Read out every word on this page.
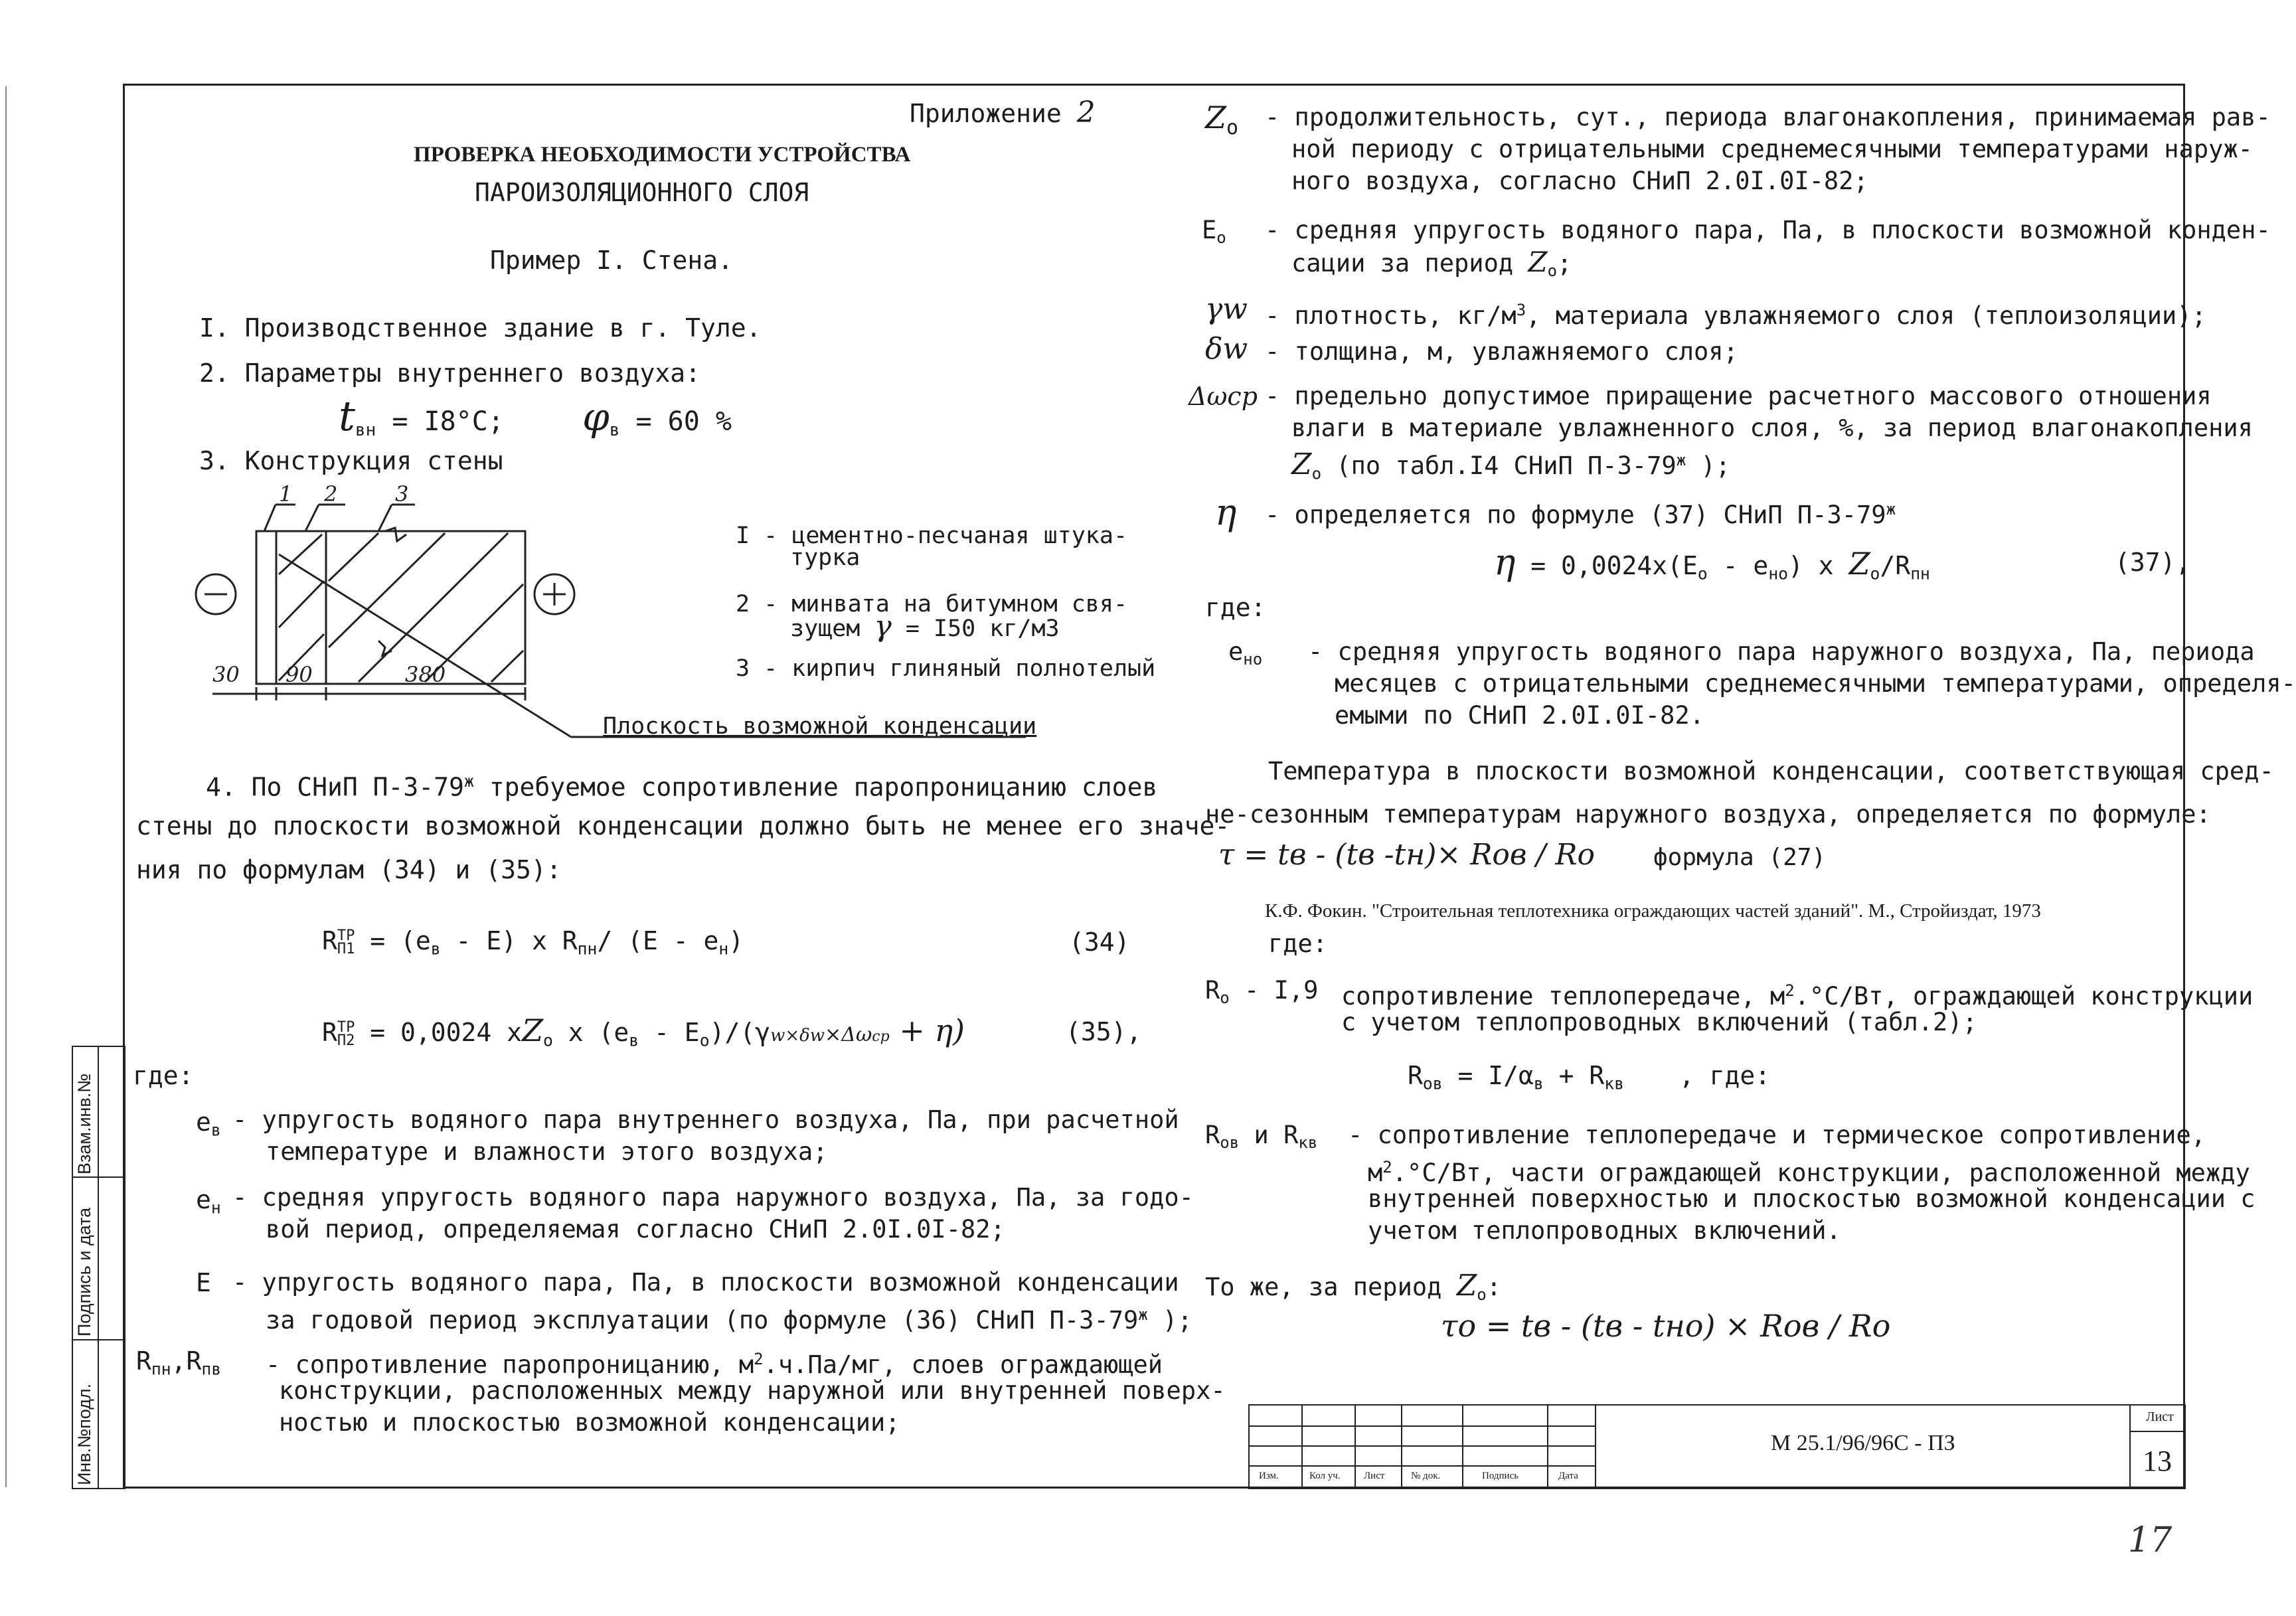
Инв.№подл.
Подпись и дата
Взам.инв.№
Приложение 2
ПРОВЕРКА НЕОБХОДИМОСТИ УСТРОЙСТВА
ПАРОИЗОЛЯЦИОННОГО СЛОЯ
Пример I. Стена.
I. Производственное здание в г. Туле.
2. Параметры внутреннего воздуха:
$t_{вн} = I8^\circ С$; $\varphi_в = 60$ %
3. Конструкция стены
1 2	3
30 90	380
I - цементно-песчаная штука-
турка
2 - минвата на битумном свя-
зущем γ = I50 кг/м3
3 - кирпич глиняный полнотелый
Плоскость возможной конденсации
4. По СНиП $П-3-79^ж$ требуемое сопротивление паропроницанию слоев
стены до плоскости возможной конденсации должно быть не менее его значе-
ния по формулам (34) и (35):
R ТР
$П1 = (е_в - Е)$ х $R_{пн}/$ $(Е - е_н)$	(34)
R ТР
П2 = 0,0024 $хZ_о$ х $(е_в - Е_о)/(\gamma w\times\delta w\times\Delta\omega ср + \eta)$	(35),
где:
$е_в$ - упругость водяного пара внутреннего воздуха, Па, при расчетной
температуре и влажности этого воздуха;
$е_н$ - средняя упругость водяного пара наружного воздуха, Па, за годо-
вой период, определяемая согласно СНиП 2.0I.0I-82;
Е - упругость водяного пара, Па, в плоскости возможной конденсации
за годовой период эксплуатации (по формуле (36) СНиП $П-3-79^ж$ );
$R_{пн},R_{пв}$ - сопротивление паропроницанию, $м^2.ч.Па/мг$, слоев ограждающей
конструкции, расположенных между наружной или внутренней поверх-
ностью и плоскостью возможной конденсации;
$Z_о$ - продолжительность, сут., периода влагонакопления, принимаемая рав-
ной периоду с отрицательными среднемесячными температурами наруж-
ного воздуха, согласно СНиП 2.0I.0I-82;
$Е_о$ - средняя упругость водяного пара, Па, в плоскости возможной конден-
сации за период $Z_о$;
γw - плотность, $кг/м^3$, материала увлажняемого слоя (теплоизоляции);
δw - толщина, м, увлажняемого слоя;
Δωср - предельно допустимое приращение расчетного массового отношения
влаги в материале увлажненного слоя, %, за период влагонакопления
$Z_о$ (по табл.I4 СНиП $П-3-79^ж$ );
η - определяется по формуле (37) СНиП $П-3-79^ж$
$\eta = 0,0024х(Е_о - е_{но})$ х $Z_о/R_{пн}$	(37),
где:
$е_{но}$ - средняя упругость водяного пара наружного воздуха, Па, периода
месяцев с отрицательными среднемесячными температурами, определя-
емыми по СНиП 2.0I.0I-82.
Температура в плоскости возможной конденсации, соответствующая сред-
не-сезонным температурам наружного воздуха, определяется по формуле:
τ = tв - (tв -tн)× Rов / Rо формула (27)
К.Ф. Фокин. "Строительная теплотехника ограждающих частей зданий". М., Стройиздат, 1973
где:
$R_о - I,9$ сопротивление теплопередаче, $м^2.^\circ С/Вт$, ограждающей конструкции
с учетом теплопроводных включений (табл.2);
$R_{ов} = I/\alpha_в + R_{кв}$ , где:
$R_{ов}$ и $R_{кв}$ - сопротивление теплопередаче и термическое сопротивление,
$м^2.^\circ С/Вт$, части ограждающей конструкции, расположенной между
внутренней поверхностью и плоскостью возможной конденсации с
учетом теплопроводных включений.
То же, за период $Z_о$:
τо = tв - (tв - tно) × Rов / Rо
Изм.	Кол уч. Лист	№ док.	Подпись	Дата
М 25.1/96/96С - ПЗ
Лист
13
17
